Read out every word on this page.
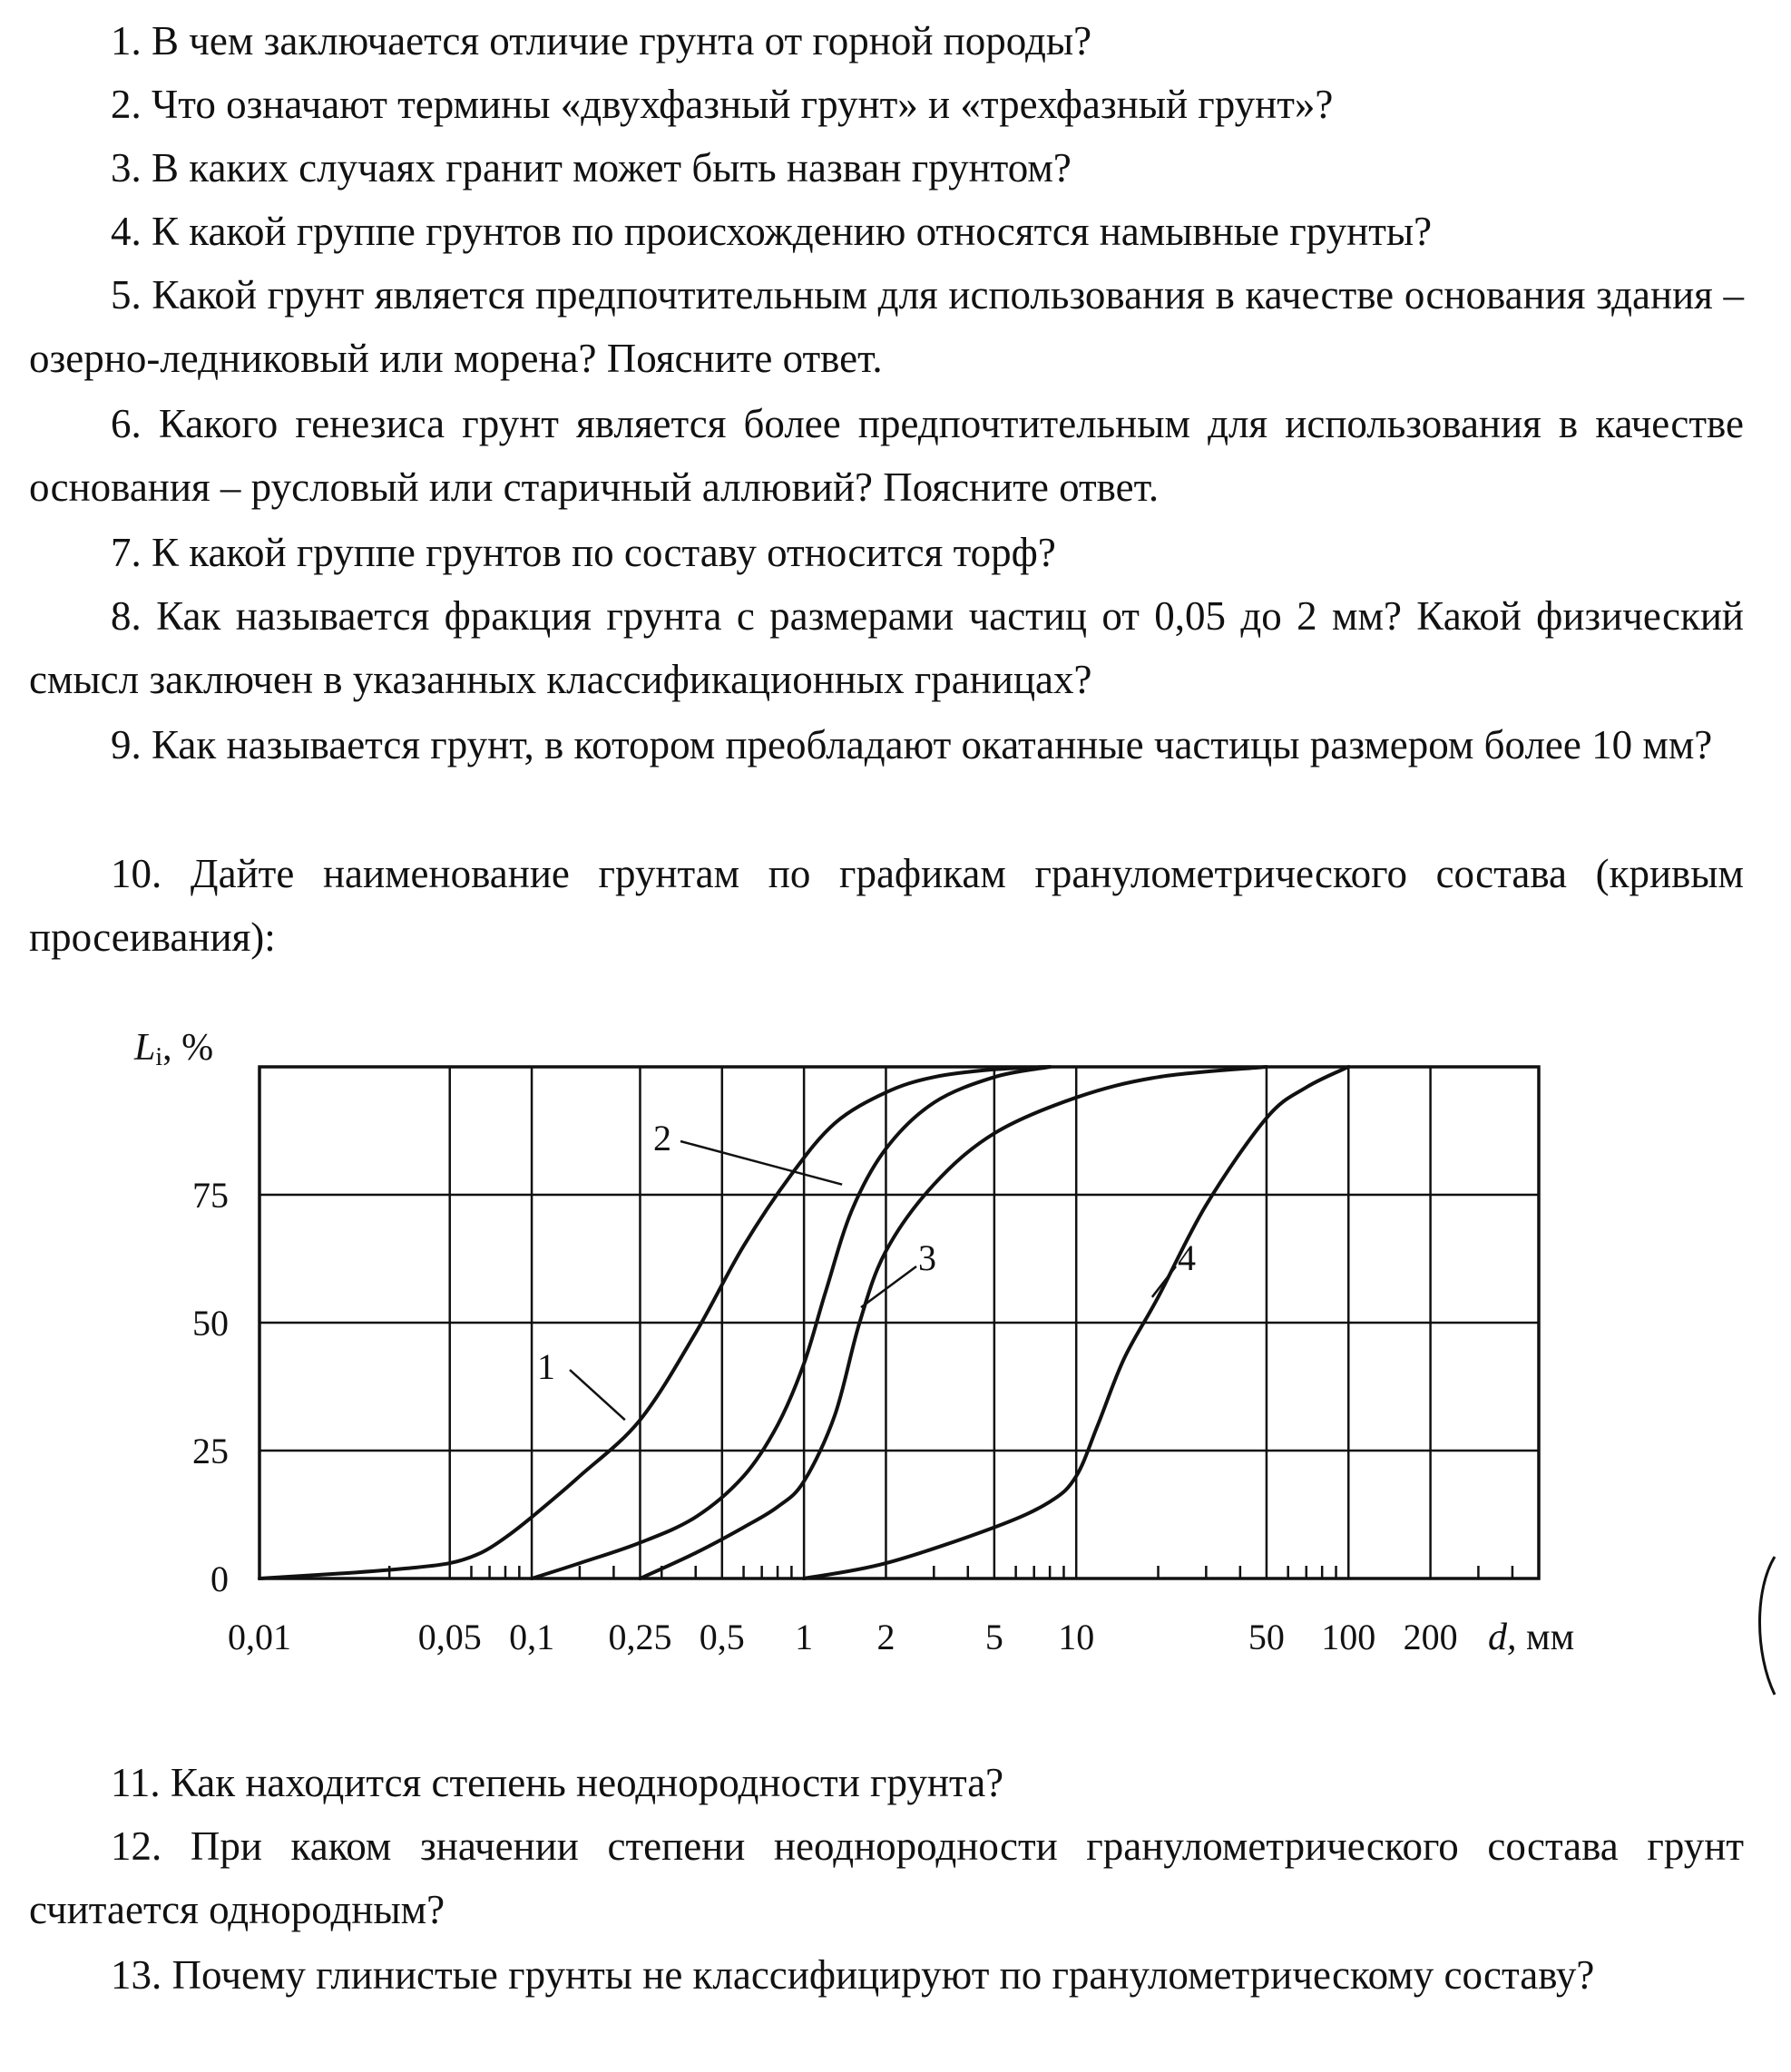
1. В чем заключается отличие грунта от горной породы?

2. Что означают термины «двухфазный грунт» и «трехфазный грунт»?

3. В каких случаях гранит может быть назван грунтом?

4. К какой группе грунтов по происхождению относятся намывные грунты?

5. Какой грунт является предпочтительным для использования в качестве основания здания – озерно-ледниковый или морена? Поясните ответ.

6. Какого генезиса грунт является более предпочтительным для использования в качестве основания – русловый или старичный аллювий? Поясните ответ.

7. К какой группе грунтов по составу относится торф?

8. Как называется фракция грунта с размерами частиц от 0,05 до 2 мм? Какой физический смысл заключен в указанных классификационных границах?

9. Как называется грунт, в котором преобладают окатанные частицы размером более 10 мм?

10. Дайте наименование грунтам по графикам гранулометрического состава (кривым просеивания):

0,01	0,05 0,1 0,25 0,5 1 2 5 10	50 100 200
0
25
50
75
1
2
3	4
Li, %
d, мм

11. Как находится степень неоднородности грунта?

12. При каком значении степени неоднородности гранулометрического состава грунт считается однородным?

13. Почему глинистые грунты не классифицируют по гранулометрическому составу?
